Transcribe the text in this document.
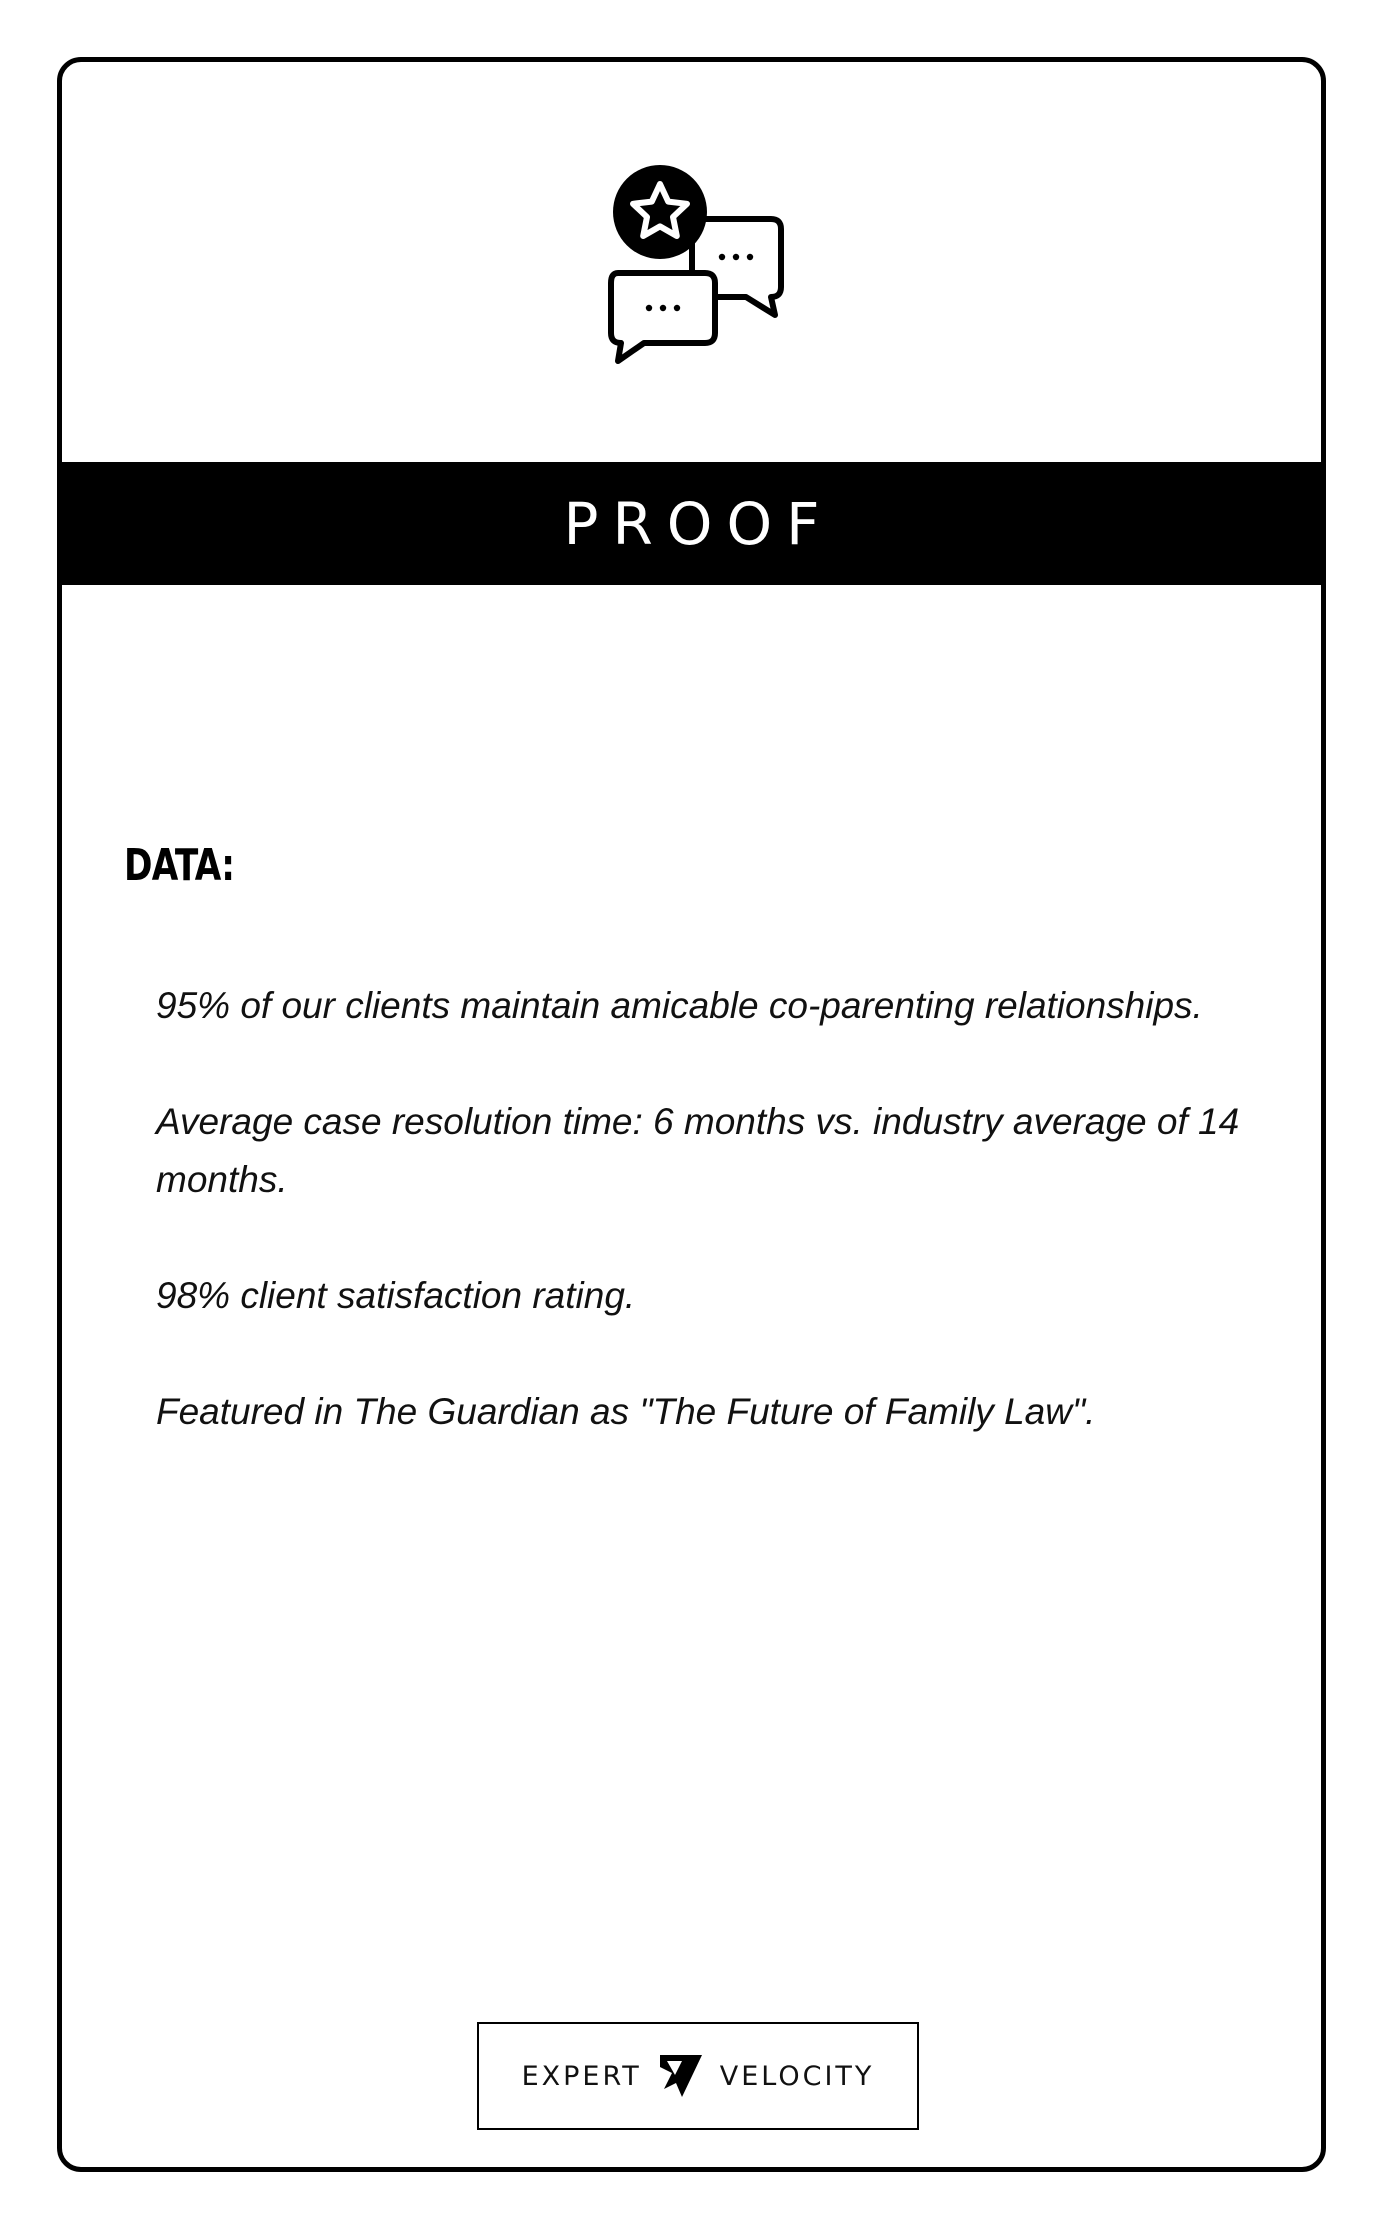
PROOF
DATA:
95% of our clients maintain amicable co-parenting relationships.
Average case resolution time: 6 months vs. industry average of 14 months.
98% client satisfaction rating.
Featured in The Guardian as "The Future of Family Law".
EXPERT	VELOCITY
